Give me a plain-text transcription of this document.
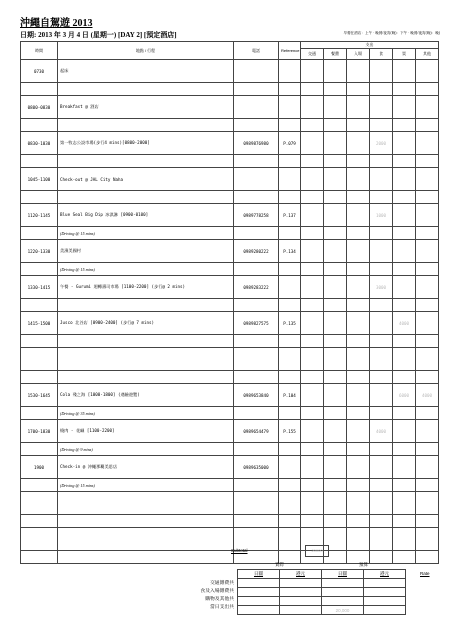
沖繩自駕遊 2013
日期: 2013 年 3 月 4 日 (星期一) [DAY 2] [預定酒店]	早餐在酒店：上午 · 晚餐/夜宵(晚)：下午 · 晚餐/夜宵(晚)：晚)
時間	地點 / 行程	電話	Reference	支出					
				交通	餐費	入場	食	買	其他
0730	起床								

0800-0830	Breakfast @ 酒店								

0830-1030	第一牧志公設市場(步行4 mins)[0800-2000]	0989876980	P.079				2000		

1045-1100	Check-out @ JAL City Naha								

1120-1145	Blue Seal Big Dip 冰淇淋 [0900-0100]	0989778258	P.137				1000		
	(Driving @ 15 mins)								
1220-1330	美濱美國村	0989280222	P.134						
	(Driving @ 15 mins)								
1330-1415	午餐 - Gurumi 迴轉壽司市場 [1100-2200] (步行@ 2 mins)	0989283222					3000		

1415-1500	Jusco 北谷店 [0900-2400] (步行@ 7 mins)	0989827575	P.135					4000	

1530-1645	Cola 殘之海 [1000-1800] (遇險遊覽)	0989653840	P.104					6000	4000
	(Driving @ 35 mins)								
1700-1830	燒肉 - 花織 [1100-2200]	0989654479	P.155				4000		
	(Driving @ 9 mins)								
1900	Check-in @ 沖繩那覇美思店	0989635000							
	(Driving @ 15 mins)								

Subtotal	20000
實際		預算	
日圓	港元	日圓	港元

		20,000	
交通雜費共
食及入場雜費共
購物及其他共
當日支出共
Rate
